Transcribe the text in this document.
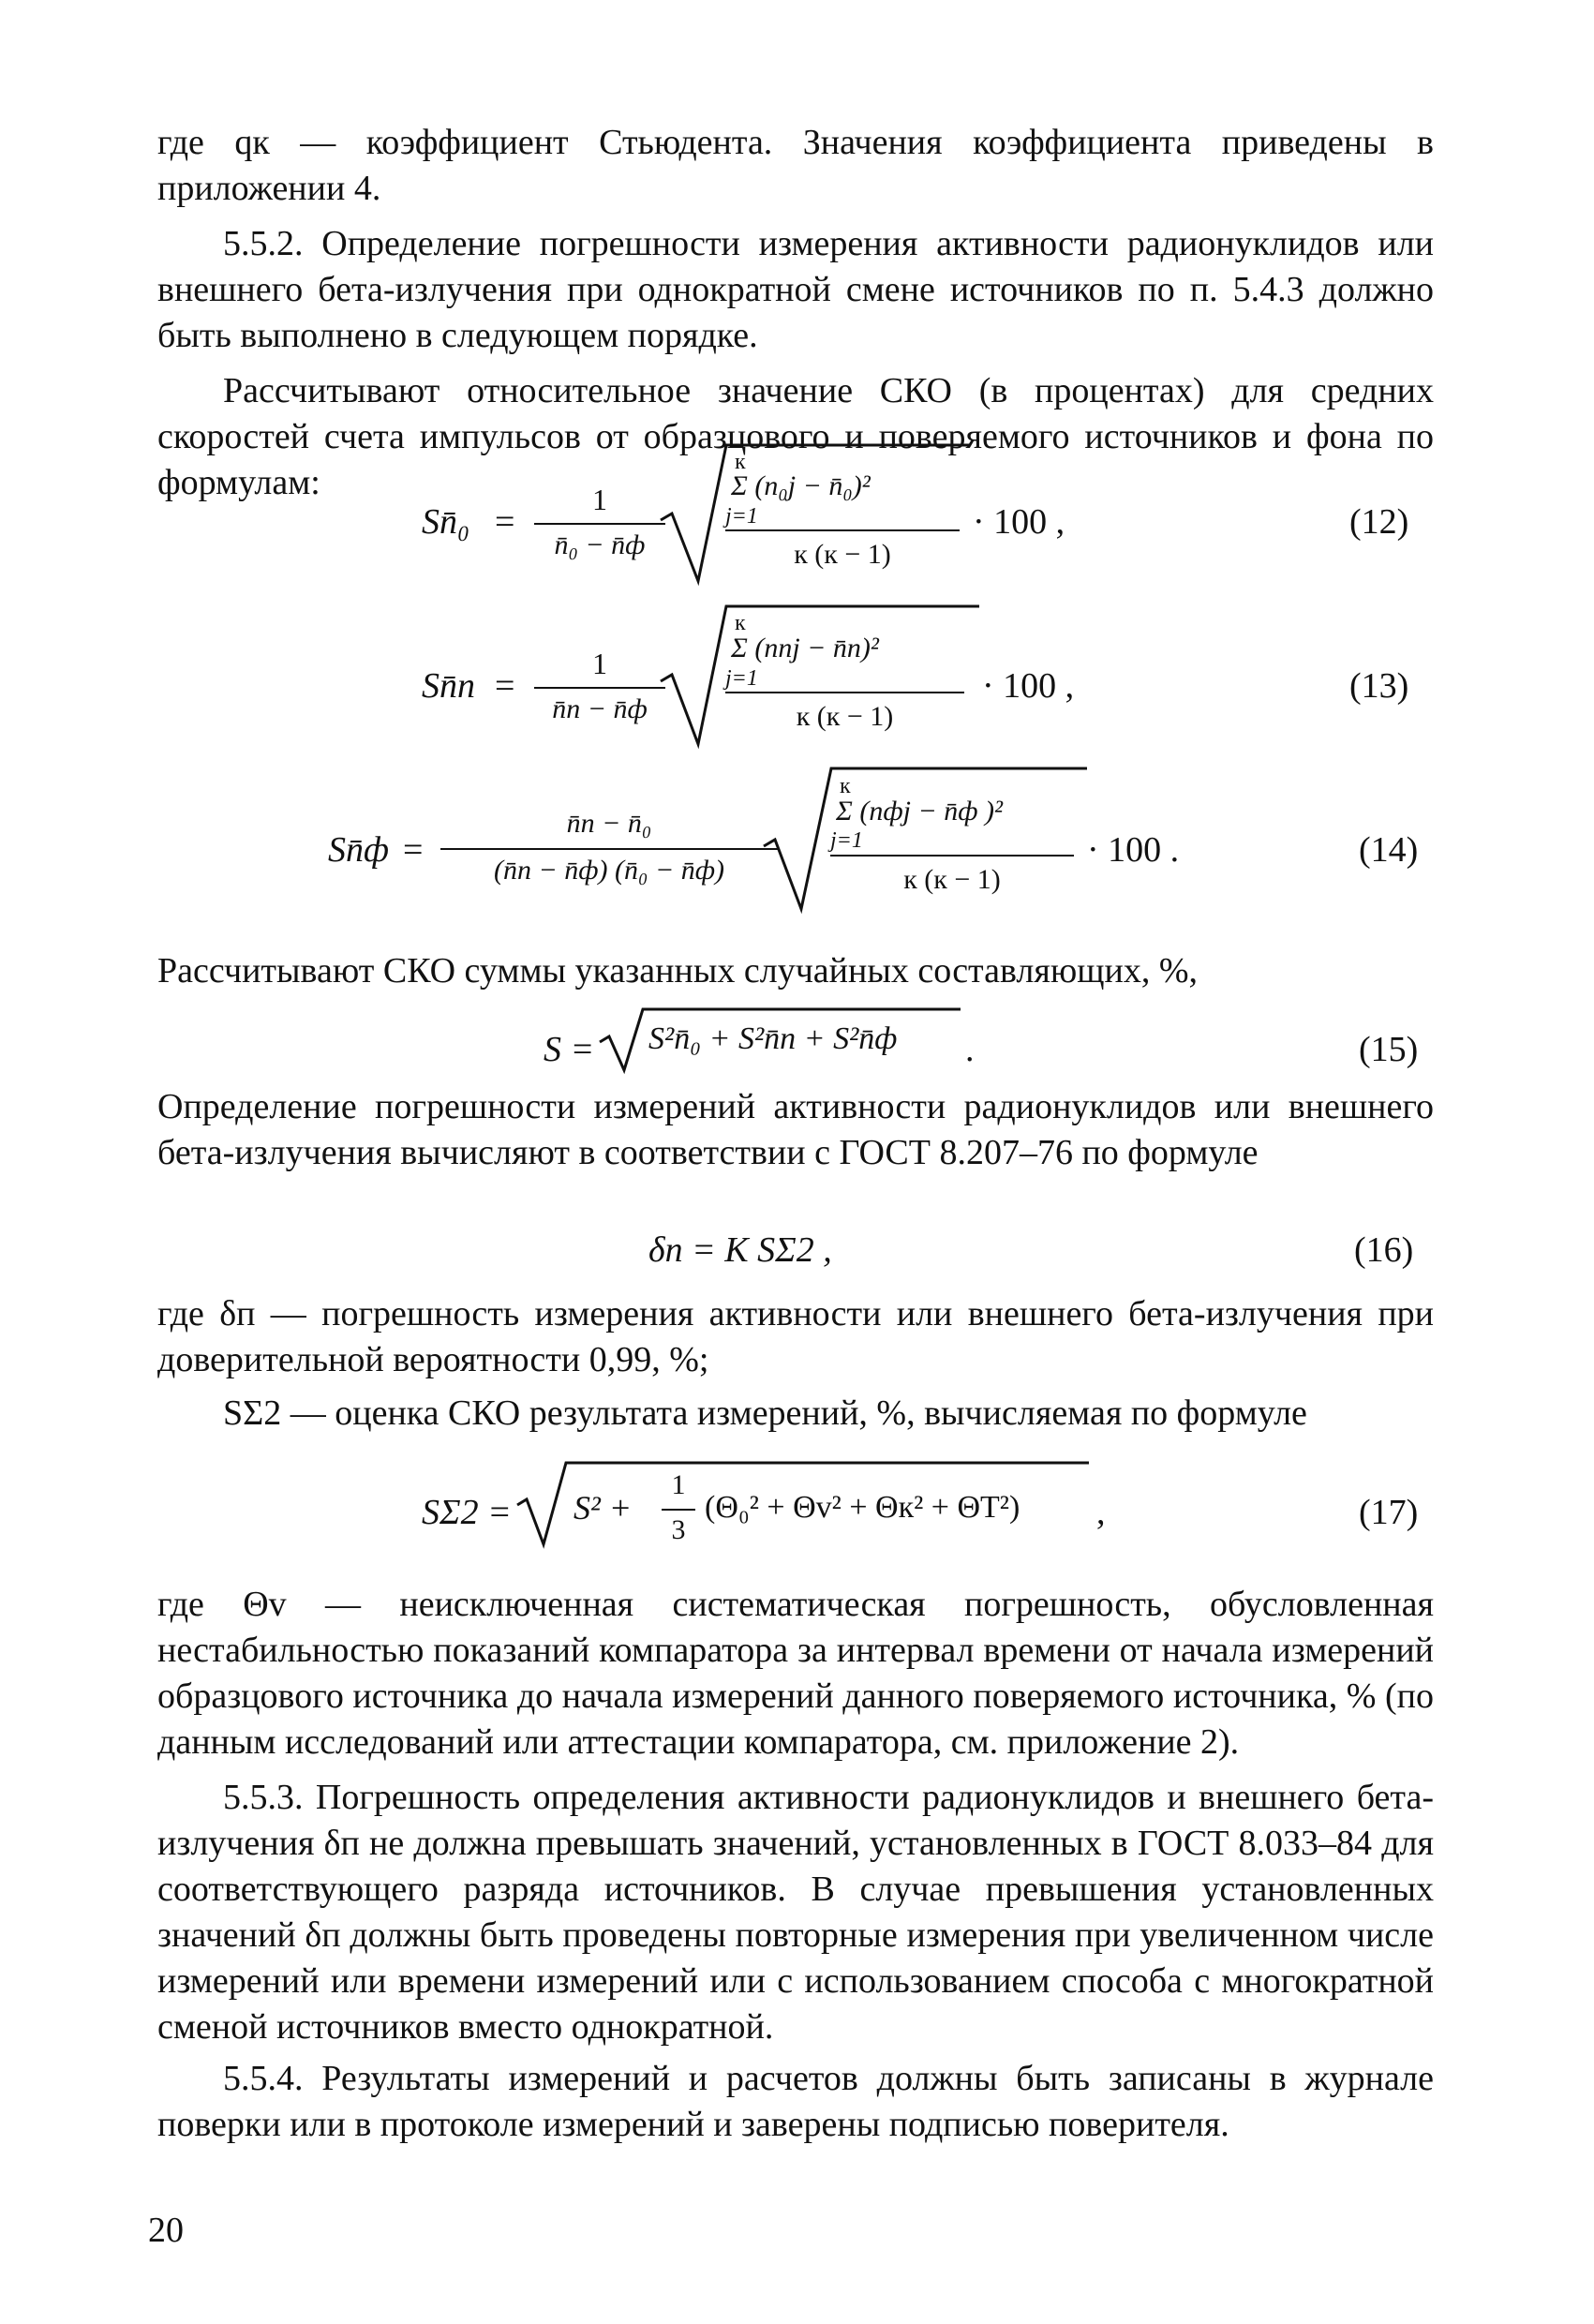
где qк — коэффициент Стьюдента. Значения коэффициента приведены в приложении 4.

5.5.2. Определение погрешности измерения активности радионуклидов или внешнего бета-излучения при однократной смене источников по п. 5.4.3 должно быть выполнено в следующем порядке.

Рассчитывают относительное значение СКО (в процентах) для средних скоростей счета импульсов от образцового и поверяемого источников и фона по формулам:

Sn̄₀ =
1
n̄₀ − n̄ф
к
Σ (n₀j − n̄₀)²
j=1
к (к − 1)
· 100 ,	(12)
Sn̄п =
1
n̄п − n̄ф
к
Σ (nпj − n̄п)²
j=1
к (к − 1)
· 100 ,	(13)
Sn̄ф =
n̄п − n̄₀
(n̄п − n̄ф) (n̄₀ − n̄ф)
к
Σ (nфj − n̄ф )²
j=1
к (к − 1)
· 100 .	(14)

Рассчитывают СКО суммы указанных случайных составляющих, %,

S = S²n̄₀ + S²n̄п + S²n̄ф .	(15)

Определение погрешности измерений активности радионуклидов или внешнего бета-излучения вычисляют в соответствии с ГОСТ 8.207–76 по формуле

δп = K SΣ2 ,	(16)

где δп — погрешность измерения активности или внешнего бета-излучения при доверительной вероятности 0,99, %;

SΣ2 — оценка СКО результата измерений, %, вычисляемая по формуле

SΣ2 = S² +
1
3
(Θ₀² + Θv² + Θк² + ΘT²) ,	(17)

где Θv — неисключенная систематическая погрешность, обусловленная нестабильностью показаний компаратора за интервал времени от начала измерений образцового источника до начала измерений данного поверяемого источника, % (по данным исследований или аттестации компаратора, см. приложение 2).

5.5.3. Погрешность определения активности радионуклидов и внешнего бета-излучения δп не должна превышать значений, установленных в ГОСТ 8.033–84 для соответствующего разряда источников. В случае превышения установленных значений δп должны быть проведены повторные измерения при увеличенном числе измерений или времени измерений или с использованием способа с многократной сменой источников вместо однократной.

5.5.4. Результаты измерений и расчетов должны быть записаны в журнале поверки или в протоколе измерений и заверены подписью поверителя.

20
